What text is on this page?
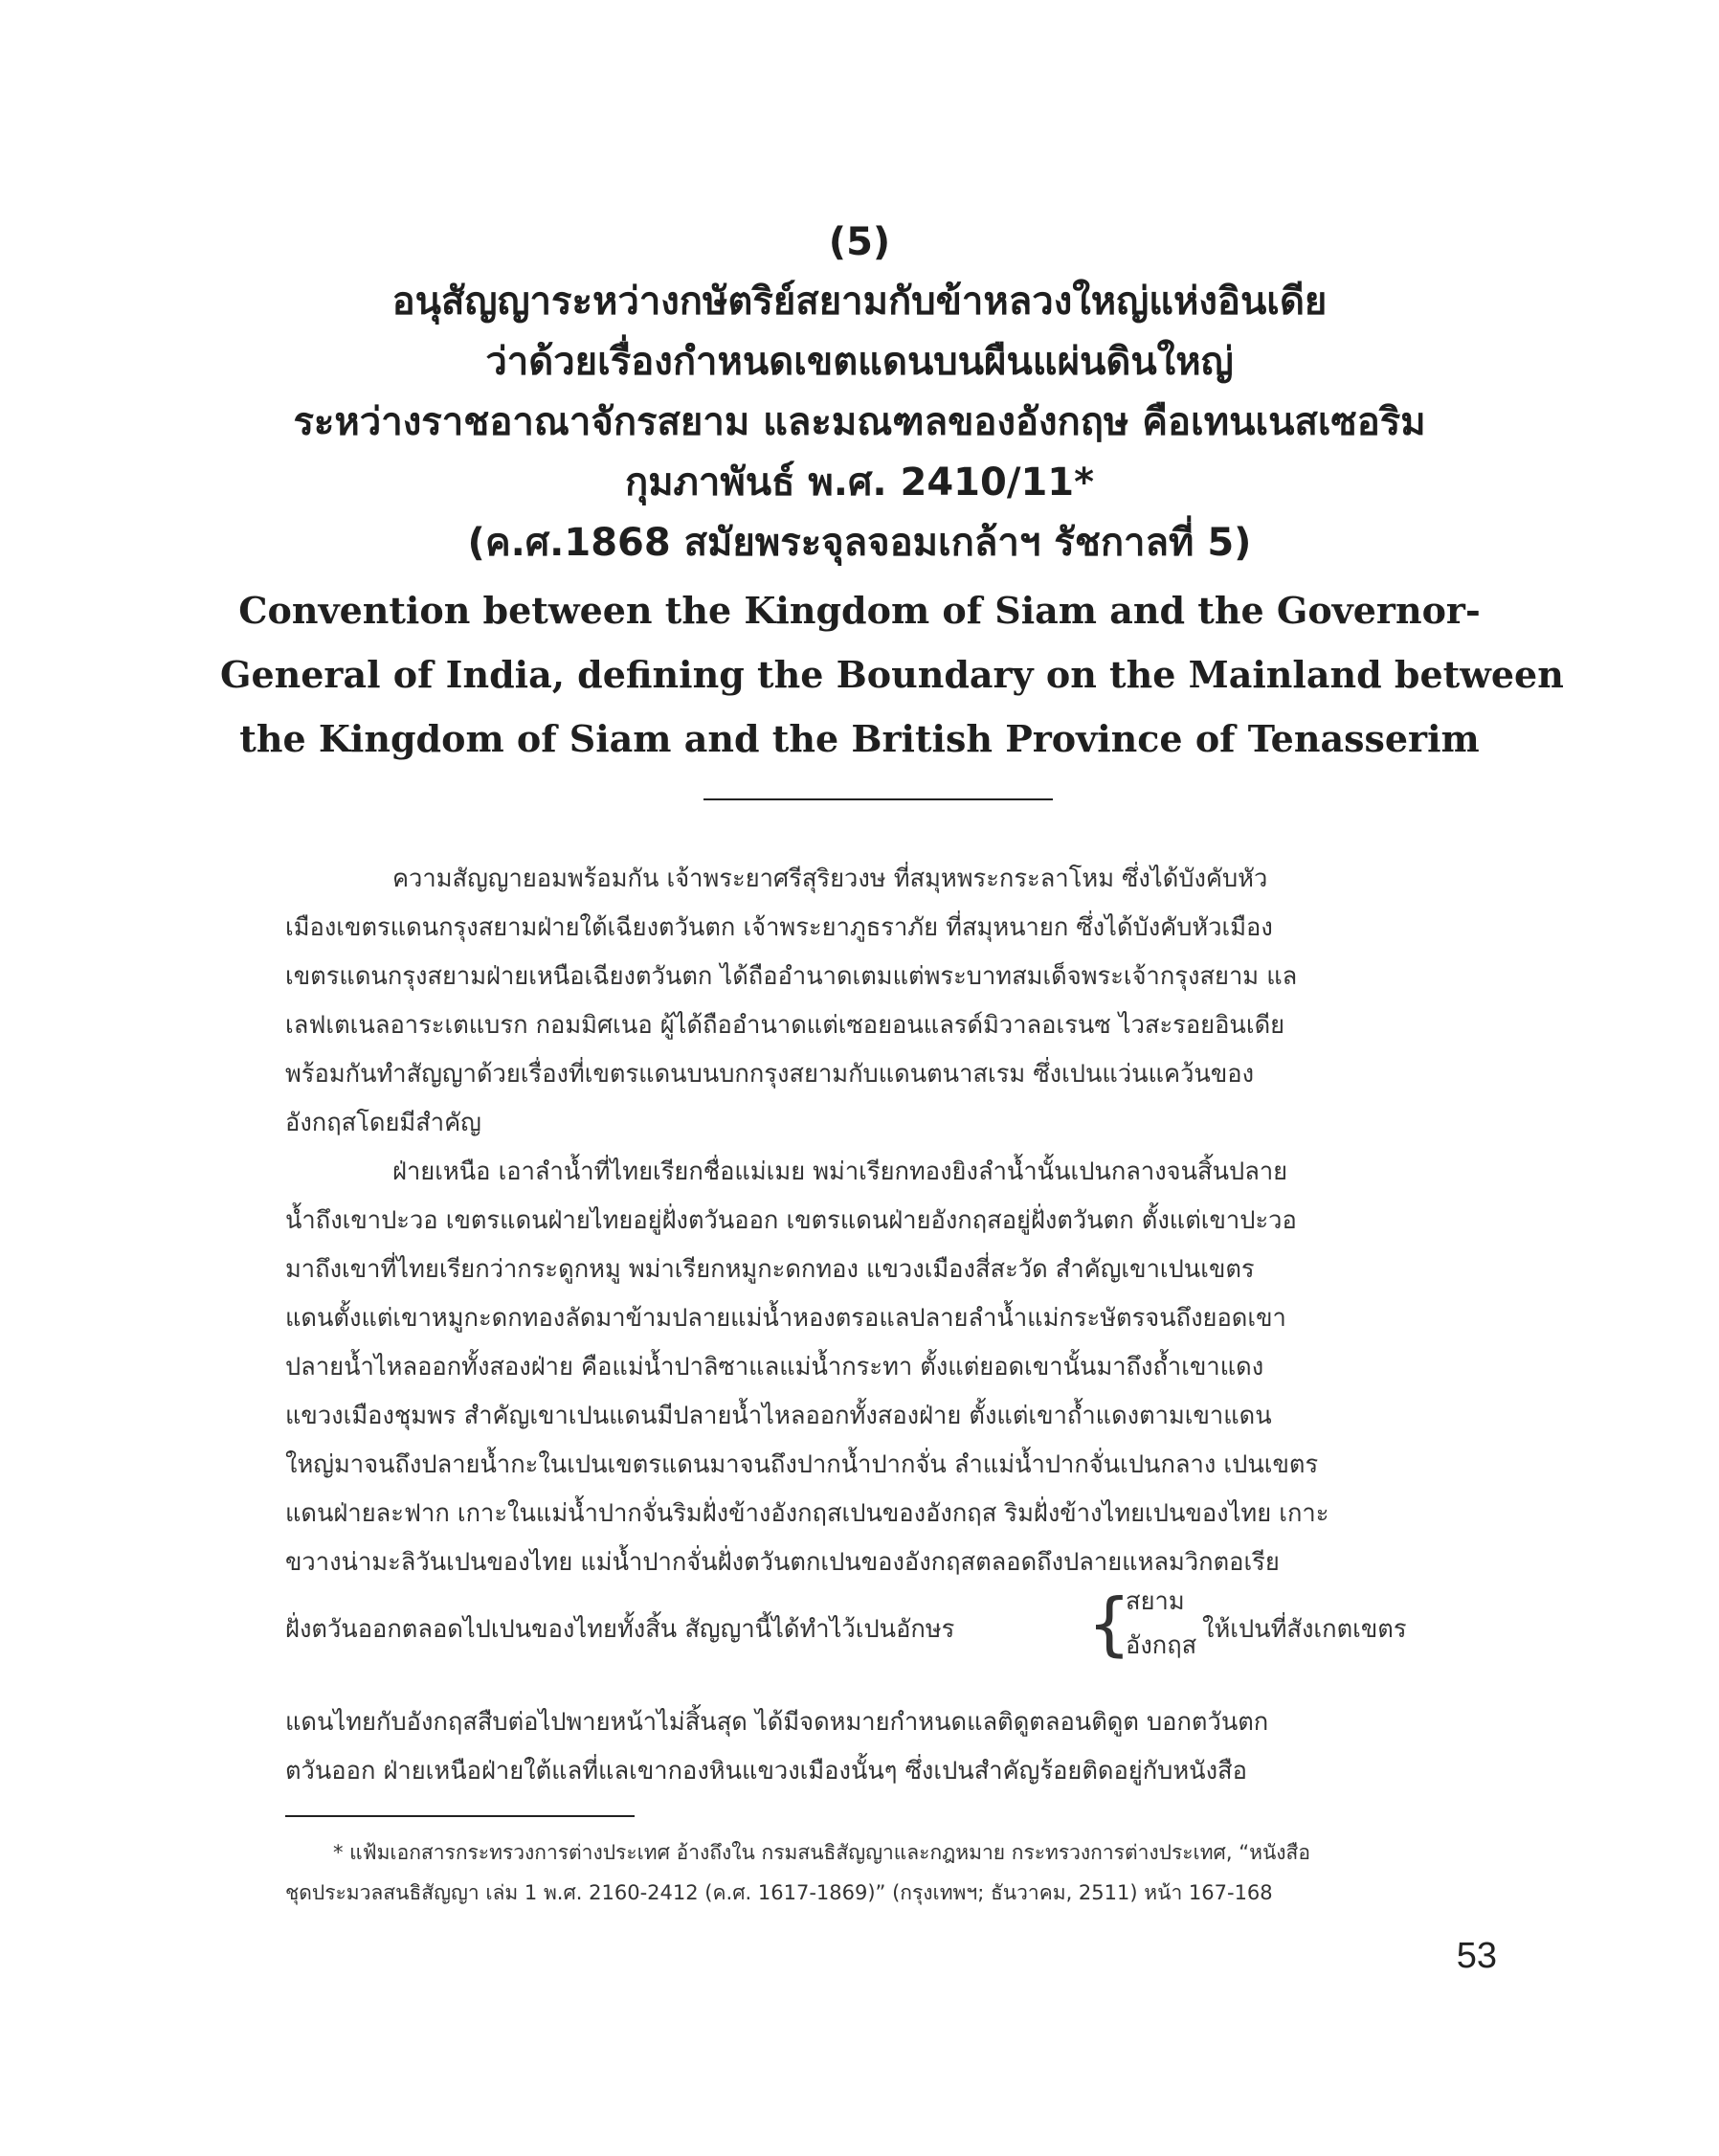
(5)
อนุสัญญาระหว่างกษัตริย์สยามกับข้าหลวงใหญ่แห่งอินเดีย
ว่าด้วยเรื่องกำหนดเขตแดนบนผืนแผ่นดินใหญ่
ระหว่างราชอาณาจักรสยาม และมณฑลของอังกฤษ คือเทนเนสเซอริม
กุมภาพันธ์ พ.ศ. 2410/11*
(ค.ศ.1868 สมัยพระจุลจอมเกล้าฯ รัชกาลที่ 5)
Convention between the Kingdom of Siam and the Governor-
General of India, defining the Boundary on the Mainland between
the Kingdom of Siam and the British Province of Tenasserim
ความสัญญายอมพร้อมกัน เจ้าพระยาศรีสุริยวงษ ที่สมุหพระกระลาโหม ซึ่งได้บังคับหัว
เมืองเขตรแดนกรุงสยามฝ่ายใต้เฉียงตวันตก เจ้าพระยาภูธราภัย ที่สมุหนายก ซึ่งได้บังคับหัวเมือง
เขตรแดนกรุงสยามฝ่ายเหนือเฉียงตวันตก ได้ถืออำนาดเตมแต่พระบาทสมเด็จพระเจ้ากรุงสยาม แล
เลฟเตเนลอาระเตแบรก กอมมิศเนอ ผู้ได้ถืออำนาดแต่เซอยอนแลรด์มิวาลอเรนซ ไวสะรอยอินเดีย
พร้อมกันทำสัญญาด้วยเรื่องที่เขตรแดนบนบกกรุงสยามกับแดนตนาสเรม ซึ่งเปนแว่นแคว้นของ
อังกฤสโดยมีสำคัญ
ฝ่ายเหนือ เอาลำน้ำที่ไทยเรียกชื่อแม่เมย พม่าเรียกทองยิงลำน้ำนั้นเปนกลางจนสิ้นปลาย
น้ำถึงเขาปะวอ เขตรแดนฝ่ายไทยอยู่ฝั่งตวันออก เขตรแดนฝ่ายอังกฤสอยู่ฝั่งตวันตก ตั้งแต่เขาปะวอ
มาถึงเขาที่ไทยเรียกว่ากระดูกหมู พม่าเรียกหมูกะดกทอง แขวงเมืองสี่สะวัด สำคัญเขาเปนเขตร
แดนตั้งแต่เขาหมูกะดกทองลัดมาข้ามปลายแม่น้ำหองตรอแลปลายลำน้ำแม่กระษัตรจนถึงยอดเขา
ปลายน้ำไหลออกทั้งสองฝ่าย คือแม่น้ำปาลิซาแลแม่น้ำกระทา ตั้งแต่ยอดเขานั้นมาถึงถ้ำเขาแดง
แขวงเมืองชุมพร สำคัญเขาเปนแดนมีปลายน้ำไหลออกทั้งสองฝ่าย ตั้งแต่เขาถ้ำแดงตามเขาแดน
ใหญ่มาจนถึงปลายน้ำกะในเปนเขตรแดนมาจนถึงปากน้ำปากจั่น ลำแม่น้ำปากจั่นเปนกลาง เปนเขตร
แดนฝ่ายละฟาก เกาะในแม่น้ำปากจั่นริมฝั่งข้างอังกฤสเปนของอังกฤส ริมฝั่งข้างไทยเปนของไทย เกาะ
ขวางน่ามะลิวันเปนของไทย แม่น้ำปากจั่นฝั่งตวันตกเปนของอังกฤสตลอดถึงปลายแหลมวิกตอเรีย
ฝั่งตวันออกตลอดไปเปนของไทยทั้งสิ้น สัญญานี้ได้ทำไว้เปนอักษร {
สยาม
อังกฤส
ให้เปนที่สังเกตเขตร
แดนไทยกับอังกฤสสืบต่อไปพายหน้าไม่สิ้นสุด ได้มีจดหมายกำหนดแลติดูตลอนติดูต บอกตวันตก
ตวันออก ฝ่ายเหนือฝ่ายใต้แลที่แลเขากองหินแขวงเมืองนั้นๆ ซึ่งเปนสำคัญร้อยติดอยู่กับหนังสือ
* แฟ้มเอกสารกระทรวงการต่างประเทศ อ้างถึงใน กรมสนธิสัญญาและกฎหมาย กระทรวงการต่างประเทศ, “หนังสือ
ชุดประมวลสนธิสัญญา เล่ม 1 พ.ศ. 2160-2412 (ค.ศ. 1617-1869)” (กรุงเทพฯ; ธันวาคม, 2511) หน้า 167-168
53
